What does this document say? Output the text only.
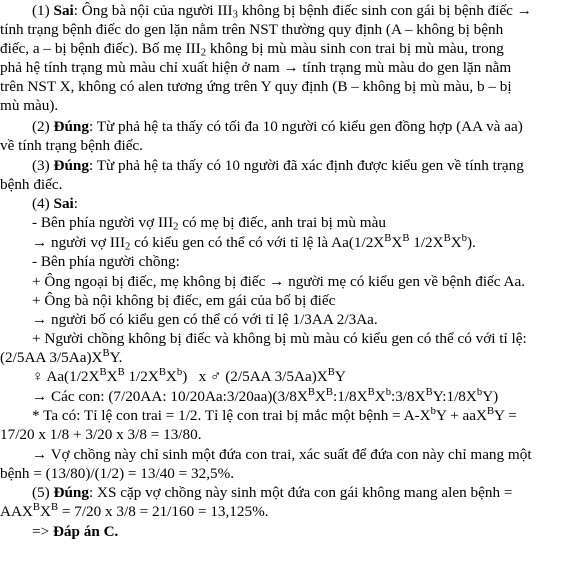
(1) Sai: Ông bà nội của người $III_3$ không bị bệnh điếc sinh con gái bị bệnh điếc →
tính trạng bệnh điếc do gen lặn nằm trên NST thường quy định (A – không bị bệnh
điếc, a – bị bệnh điếc). Bố mẹ $III_2$ không bị mù màu sinh con trai bị mù màu, trong
phả hệ tính trạng mù màu chỉ xuất hiện ở nam → tính trạng mù màu do gen lặn nằm
trên NST X, không có alen tương ứng trên Y quy định (B – không bị mù màu, b – bị
mù màu).
(2) Đúng: Từ phả hệ ta thấy có tối đa 10 người có kiểu gen đồng hợp (AA và aa)
về tính trạng bệnh điếc.
(3) Đúng: Từ phả hệ ta thấy có 10 người đã xác định được kiểu gen về tính trạng
bệnh điếc.
(4) Sai:
- Bên phía người vợ $III_2$ có mẹ bị điếc, anh trai bị mù màu
→ người vợ $III_2$ có kiểu gen có thể có với tỉ lệ là $Aa(1/2X^BX^B$ $1/2X^BX^b$).
- Bên phía người chồng:
+ Ông ngoại bị điếc, mẹ không bị điếc → người mẹ có kiểu gen về bệnh điếc Aa.
+ Ông bà nội không bị điếc, em gái của bố bị điếc
→ người bố có kiểu gen có thể có với tỉ lệ 1/3AA 2/3Aa.
+ Người chồng không bị điếc và không bị mù màu có kiểu gen có thể có với tỉ lệ:
(2/5AA $3/5Aa)X^BY$.
♀ $Aa(1/2X^BX^B$ $1/2X^BX^b$)   x ♂ (2/5AA $3/5Aa)X^BY$
→ Các con: (7/20AA: $10/20Aa:3/20aa)(3/8X^BX^B:1/8X^BX^b:3/8X^BY:1/8X^bY)$
* Ta có: Tỉ lệ con trai = 1/2. Tỉ lệ con trai bị mắc một bệnh = $A-X^bY + aaX^BY$ =
17/20 x 1/8 + 3/20 x 3/8 = 13/80.
→ Vợ chồng này chỉ sinh một đứa con trai, xác suất để đứa con này chỉ mang một
bệnh = (13/80)/(1/2) = 13/40 = 32,5%.
(5) Đúng: XS cặp vợ chồng này sinh một đứa con gái không mang alen bệnh =
$AAX^BX^B = 7/20$ x 3/8 = 21/160 = 13,125%.
=> Đáp án C.
